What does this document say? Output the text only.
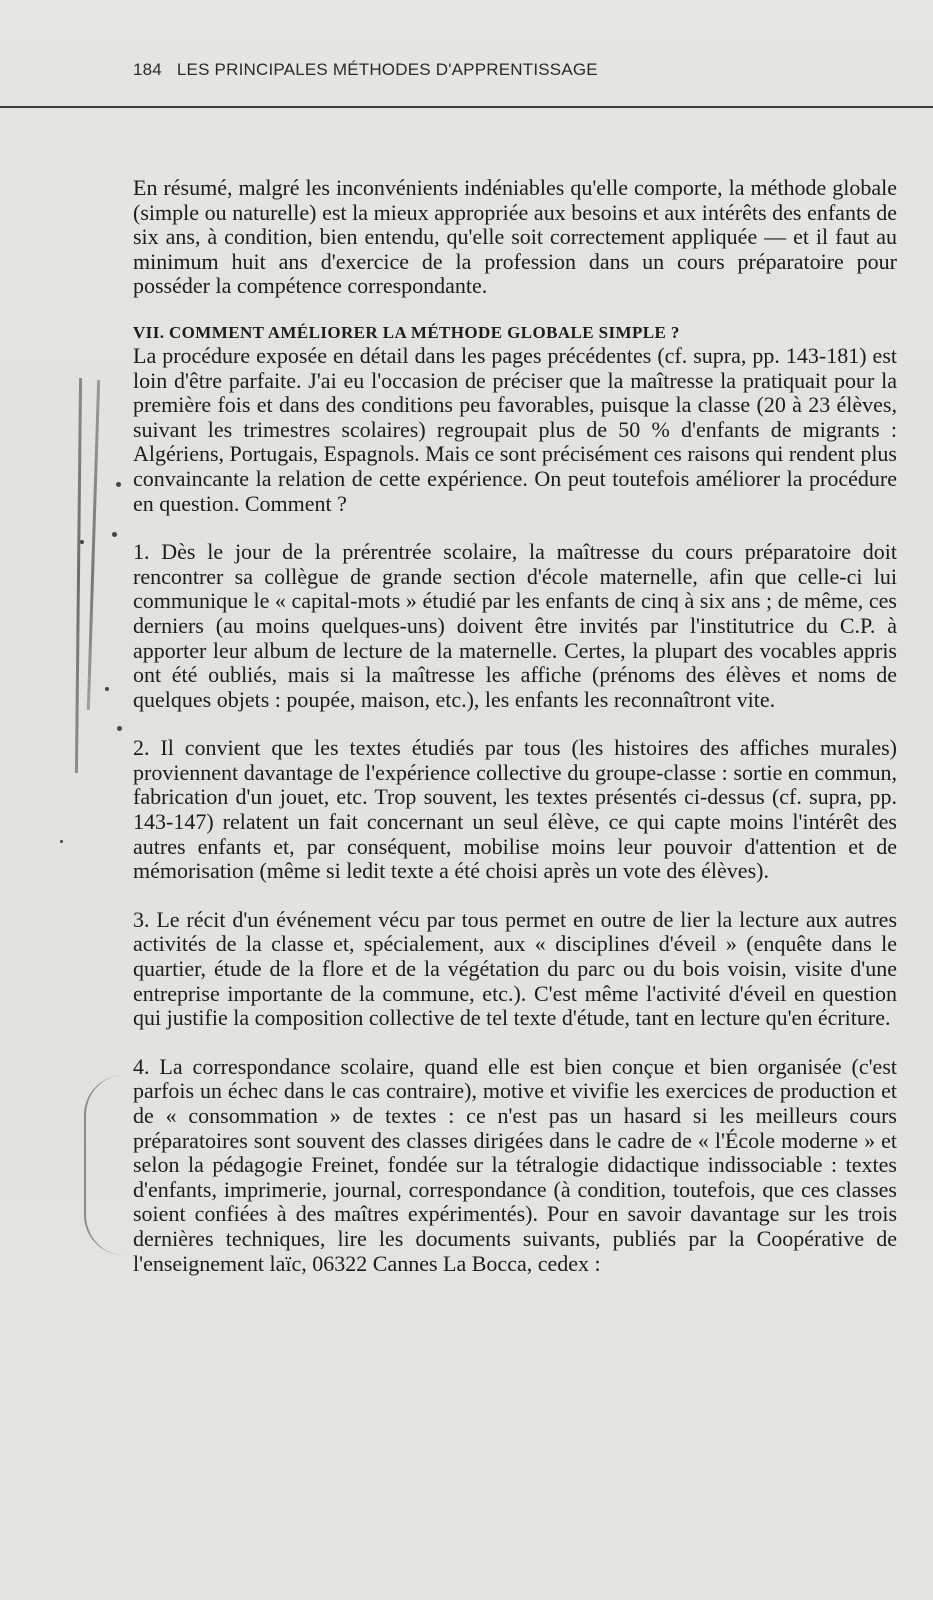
184 LES PRINCIPALES MÉTHODES D'APPRENTISSAGE

En résumé, malgré les inconvénients indéniables qu'elle comporte, la méthode globale (simple ou naturelle) est la mieux appropriée aux besoins et aux intérêts des enfants de six ans, à condition, bien entendu, qu'elle soit correctement appliquée — et il faut au minimum huit ans d'exercice de la profession dans un cours préparatoire pour posséder la compétence correspondante.

VII. COMMENT AMÉLIORER LA MÉTHODE GLOBALE SIMPLE ?

La procédure exposée en détail dans les pages précédentes (cf. supra, pp. 143-181) est loin d'être parfaite. J'ai eu l'occasion de préciser que la maîtresse la pratiquait pour la première fois et dans des conditions peu favorables, puisque la classe (20 à 23 élèves, suivant les trimestres scolaires) regroupait plus de 50 % d'enfants de migrants : Algériens, Portugais, Espagnols. Mais ce sont précisément ces raisons qui rendent plus convaincante la relation de cette expérience. On peut toutefois améliorer la procédure en question. Comment ?

1. Dès le jour de la prérentrée scolaire, la maîtresse du cours préparatoire doit rencontrer sa collègue de grande section d'école maternelle, afin que celle-ci lui communique le « capital-mots » étudié par les enfants de cinq à six ans ; de même, ces derniers (au moins quelques-uns) doivent être invités par l'institutrice du C.P. à apporter leur album de lecture de la maternelle. Certes, la plupart des vocables appris ont été oubliés, mais si la maîtresse les affiche (prénoms des élèves et noms de quelques objets : poupée, maison, etc.), les enfants les reconnaîtront vite.

2. Il convient que les textes étudiés par tous (les histoires des affiches murales) proviennent davantage de l'expérience collective du groupe-classe : sortie en commun, fabrication d'un jouet, etc. Trop souvent, les textes présentés ci-dessus (cf. supra, pp. 143-147) relatent un fait concernant un seul élève, ce qui capte moins l'intérêt des autres enfants et, par conséquent, mobilise moins leur pouvoir d'attention et de mémorisation (même si ledit texte a été choisi après un vote des élèves).

3. Le récit d'un événement vécu par tous permet en outre de lier la lecture aux autres activités de la classe et, spécialement, aux « disciplines d'éveil » (enquête dans le quartier, étude de la flore et de la végétation du parc ou du bois voisin, visite d'une entreprise importante de la commune, etc.). C'est même l'activité d'éveil en question qui justifie la composition collective de tel texte d'étude, tant en lecture qu'en écriture.

4. La correspondance scolaire, quand elle est bien conçue et bien organisée (c'est parfois un échec dans le cas contraire), motive et vivifie les exercices de production et de « consommation » de textes : ce n'est pas un hasard si les meilleurs cours préparatoires sont souvent des classes dirigées dans le cadre de « l'École moderne » et selon la pédagogie Freinet, fondée sur la tétralogie didactique indissociable : textes d'enfants, imprimerie, journal, correspondance (à condition, toutefois, que ces classes soient confiées à des maîtres expérimentés). Pour en savoir davantage sur les trois dernières techniques, lire les documents suivants, publiés par la Coopérative de l'enseignement laïc, 06322 Cannes La Bocca, cedex :
